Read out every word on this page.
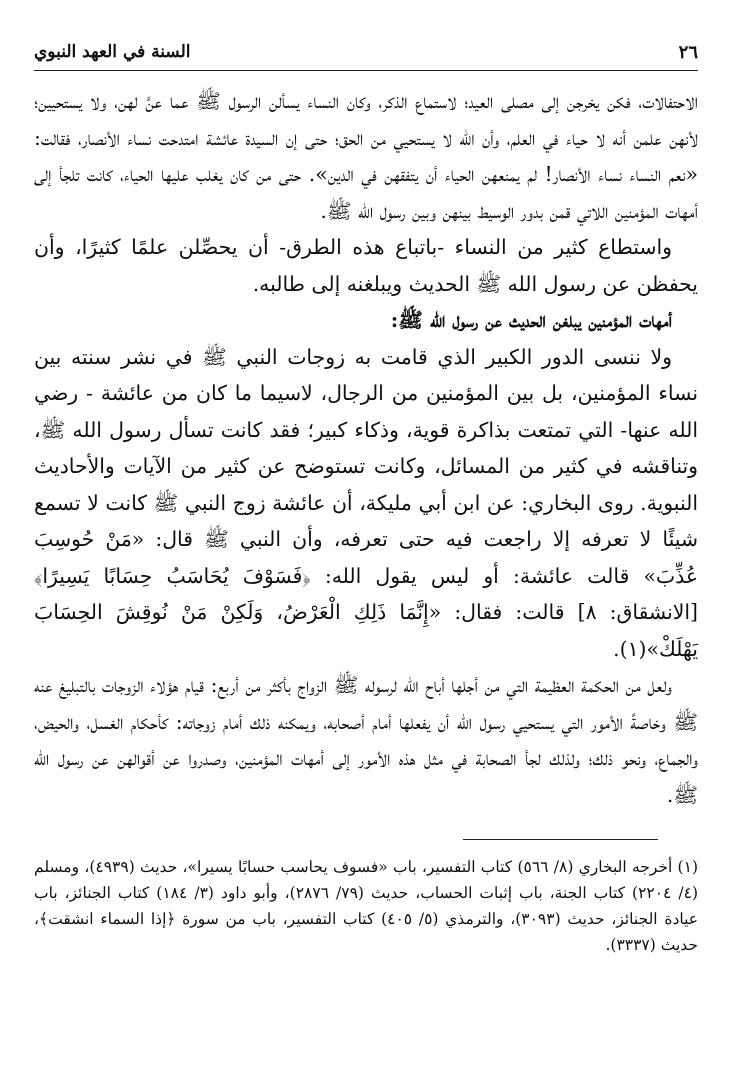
السنة في العهد النبوي	٢٦

الاحتفالات، فكن يخرجن إلى مصلى العيد؛ لاستماع الذكر، وكان النساء يسألن الرسول ﷺ عما عنَّ لهن، ولا يستحيين؛ لأنهن علمن أنه لا حياء في العلم، وأن الله لا يستحيي من الحق؛ حتى إن السيدة عائشة امتدحت نساء الأنصار، فقالت: «نعم النساء نساء الأنصار! لم يمنعهن الحياء أن يتفقهن في الدين». حتى من كان يغلب عليها الحياء، كانت تلجأ إلى أمهات المؤمنين اللاتي قمن بدور الوسيط بينهن وبين رسول الله ﷺ.

واستطاع كثير من النساء -باتباع هذه الطرق- أن يحصِّلن علمًا كثيرًا، وأن يحفظن عن رسول الله ﷺ الحديث ويبلغنه إلى طالبه.

أمهات المؤمنين يبلغن الحديث عن رسول الله ﷺ:

ولا ننسى الدور الكبير الذي قامت به زوجات النبي ﷺ في نشر سنته بين نساء المؤمنين، بل بين المؤمنين من الرجال، لاسيما ما كان من عائشة - رضي الله عنها- التي تمتعت بذاكرة قوية، وذكاء كبير؛ فقد كانت تسأل رسول الله ﷺ، وتناقشه في كثير من المسائل، وكانت تستوضح عن كثير من الآيات والأحاديث النبوية. روى البخاري: عن ابن أبي مليكة، أن عائشة زوج النبي ﷺ كانت لا تسمع شيئًا لا تعرفه إلا راجعت فيه حتى تعرفه، وأن النبي ﷺ قال: «مَنْ حُوسِبَ عُذِّبَ» قالت عائشة: أو ليس يقول الله: ﴿فَسَوْفَ يُحَاسَبُ حِسَابًا يَسِيرًا﴾ [الانشقاق: ٨] قالت: فقال: «إِنَّمَا ذَلِكِ الْعَرْضُ، وَلَكِنْ مَنْ نُوقِشَ الحِسَابَ يَهْلَكْ»(١).

ولعل من الحكمة العظيمة التي من أجلها أباح الله لرسوله ﷺ الزواج بأكثر من أربع: قيام هؤلاء الزوجات بالتبليغ عنه ﷺ وخاصةً الأمور التي يستحيي رسول الله أن يفعلها أمام أصحابه، ويمكنه ذلك أمام زوجاته: كأحكام الغسل، والحيض، والجماع، ونحو ذلك؛ ولذلك لجأ الصحابة في مثل هذه الأمور إلى أمهات المؤمنين، وصدروا عن أقوالهن عن رسول الله ﷺ.

(١) أخرجه البخاري (٨/ ٥٦٦) كتاب التفسير، باب «فسوف يحاسب حسابًا يسيرا»، حديث (٤٩٣٩)، ومسلم (٤/ ٢٢٠٤) كتاب الجنة، باب إثبات الحساب، حديث (٧٩/ ٢٨٧٦)، وأبو داود (٣/ ١٨٤) كتاب الجنائز، باب عيادة الجنائز، حديث (٣٠٩٣)، والترمذي (٥/ ٤٠٥) كتاب التفسير، باب من سورة ﴿إذا السماء انشقت﴾، حديث (٣٣٣٧).
